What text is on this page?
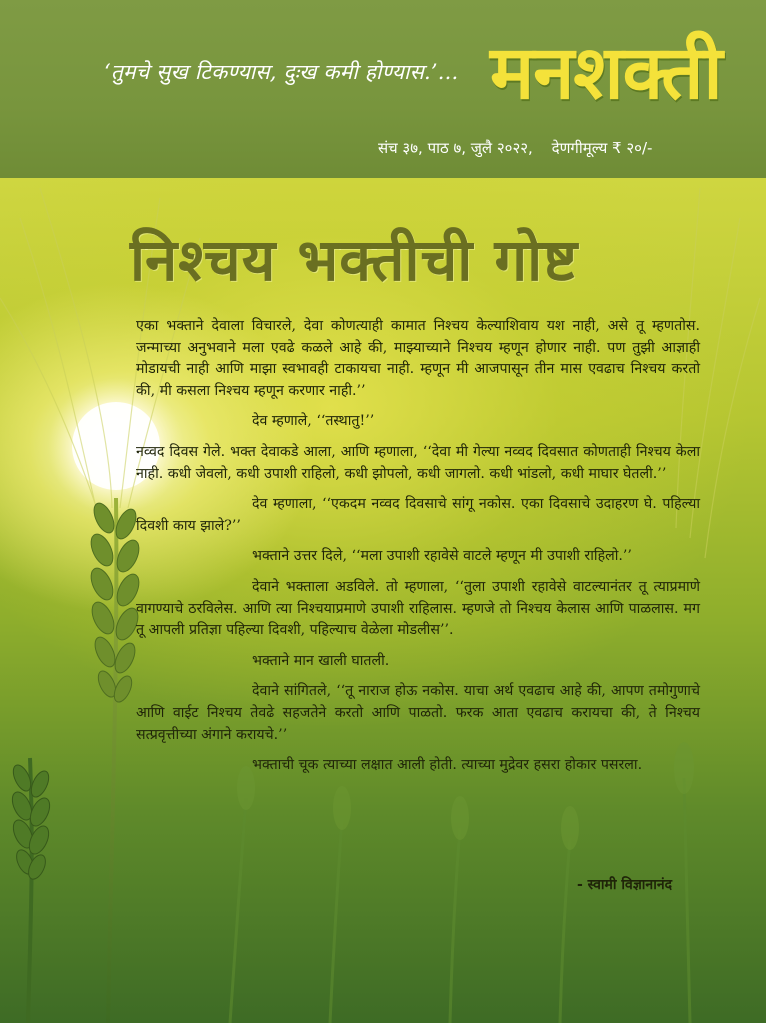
‘तुमचे सुख टिकण्यास, दुःख कमी होण्यास.’... मनशक्ती
संच ३७, पाठ ७, जुलै २०२२, देणगीमूल्य ₹ २०/-
निश्चय भक्तीची गोष्ट

एका भक्ताने देवाला विचारले, देवा कोणत्याही कामात निश्चय केल्याशिवाय यश नाही, असे तू म्हणतोस. जन्माच्या अनुभवाने मला एवढे कळले आहे की, माझ्याच्याने निश्चय म्हणून होणार नाही. पण तुझी आज्ञाही मोडायची नाही आणि माझा स्वभावही टाकायचा नाही. म्हणून मी आजपासून तीन मास एवढाच निश्चय करतो की, मी कसला निश्चय म्हणून करणार नाही.’’

देव म्हणाले, ‘‘तस्थातु!’’

नव्वद दिवस गेले. भक्त देवाकडे आला, आणि म्हणाला, ‘‘देवा मी गेल्या नव्वद दिवसात कोणताही निश्चय केला नाही. कधी जेवलो, कधी उपाशी राहिलो, कधी झोपलो, कधी जागलो. कधी भांडलो, कधी माघार घेतली.’’

देव म्हणाला, ‘‘एकदम नव्वद दिवसाचे सांगू नकोस. एका दिवसाचे उदाहरण घे. पहिल्या दिवशी काय झाले?’’

भक्ताने उत्तर दिले, ‘‘मला उपाशी रहावेसे वाटले म्हणून मी उपाशी राहिलो.’’

देवाने भक्ताला अडविले. तो म्हणाला, ‘‘तुला उपाशी रहावेसे वाटल्यानंतर तू त्याप्रमाणे वागण्याचे ठरविलेस. आणि त्या निश्चयाप्रमाणे उपाशी राहिलास. म्हणजे तो निश्चय केलास आणि पाळलास. मग तू आपली प्रतिज्ञा पहिल्या दिवशी, पहिल्याच वेळेला मोडलीस’’.

भक्ताने मान खाली घातली.

देवाने सांगितले, ‘‘तू नाराज होऊ नकोस. याचा अर्थ एवढाच आहे की, आपण तमोगुणाचे आणि वाईट निश्चय तेवढे सहजतेने करतो आणि पाळतो. फरक आता एवढाच करायचा की, ते निश्चय सत्प्रवृत्तीच्या अंगाने करायचे.’’

भक्ताची चूक त्याच्या लक्षात आली होती. त्याच्या मुद्रेवर हसरा होकार पसरला.

- स्वामी विज्ञानानंद
